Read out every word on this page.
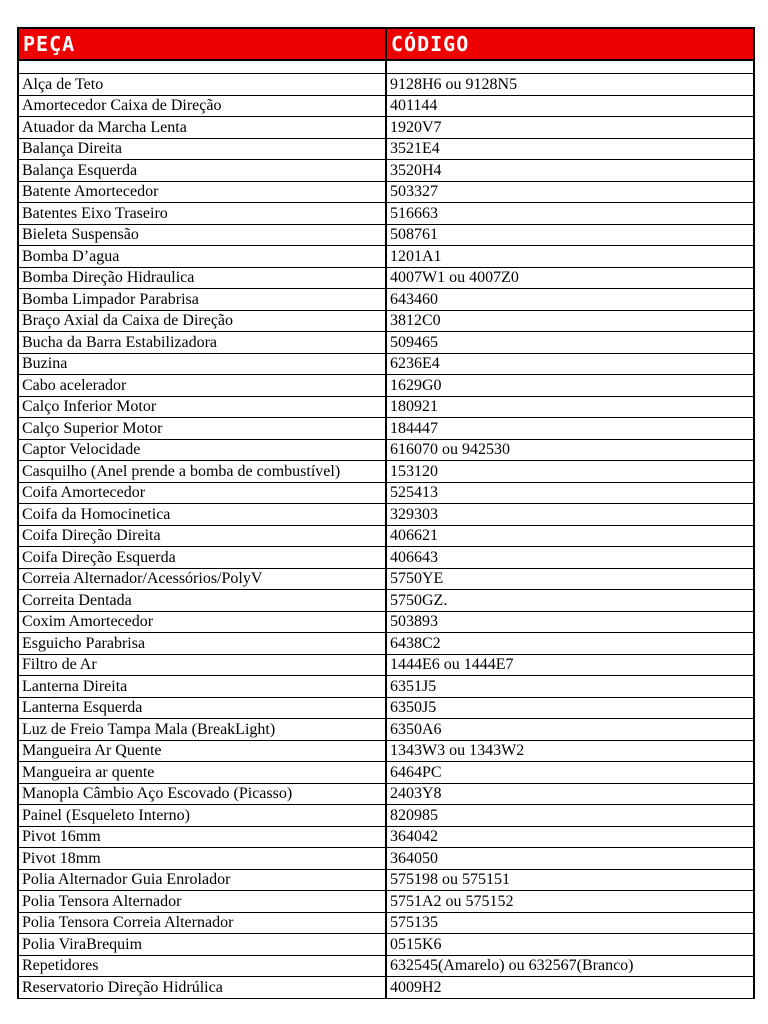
PEÇA	CÓDIGO

Alça de Teto	9128H6 ou 9128N5
Amortecedor Caixa de Direção	401144
Atuador da Marcha Lenta	1920V7
Balança Direita	3521E4
Balança Esquerda	3520H4
Batente Amortecedor	503327
Batentes Eixo Traseiro	516663
Bieleta Suspensão	508761
Bomba D’agua	1201A1
Bomba Direção Hidraulica	4007W1 ou 4007Z0
Bomba Limpador Parabrisa	643460
Braço Axial da Caixa de Direção	3812C0
Bucha da Barra Estabilizadora	509465
Buzina	6236E4
Cabo acelerador	1629G0
Calço Inferior Motor	180921
Calço Superior Motor	184447
Captor Velocidade	616070 ou 942530
Casquilho (Anel prende a bomba de combustível)	153120
Coifa Amortecedor	525413
Coifa da Homocinetica	329303
Coifa Direção Direita	406621
Coifa Direção Esquerda	406643
Correia Alternador/Acessórios/PolyV	5750YE
Correita Dentada	5750GZ.
Coxim Amortecedor	503893
Esguicho Parabrisa	6438C2
Filtro de Ar	1444E6 ou 1444E7
Lanterna Direita	6351J5
Lanterna Esquerda	6350J5
Luz de Freio Tampa Mala (BreakLight)	6350A6
Mangueira Ar Quente	1343W3 ou 1343W2
Mangueira ar quente	6464PC
Manopla Câmbio Aço Escovado (Picasso)	2403Y8
Painel (Esqueleto Interno)	820985
Pivot 16mm	364042
Pivot 18mm	364050
Polia Alternador Guia Enrolador	575198 ou 575151
Polia Tensora Alternador	5751A2 ou 575152
Polia Tensora Correia Alternador	575135
Polia ViraBrequim	0515K6
Repetidores	632545(Amarelo) ou 632567(Branco)
Reservatorio Direção Hidrúlica	4009H2
